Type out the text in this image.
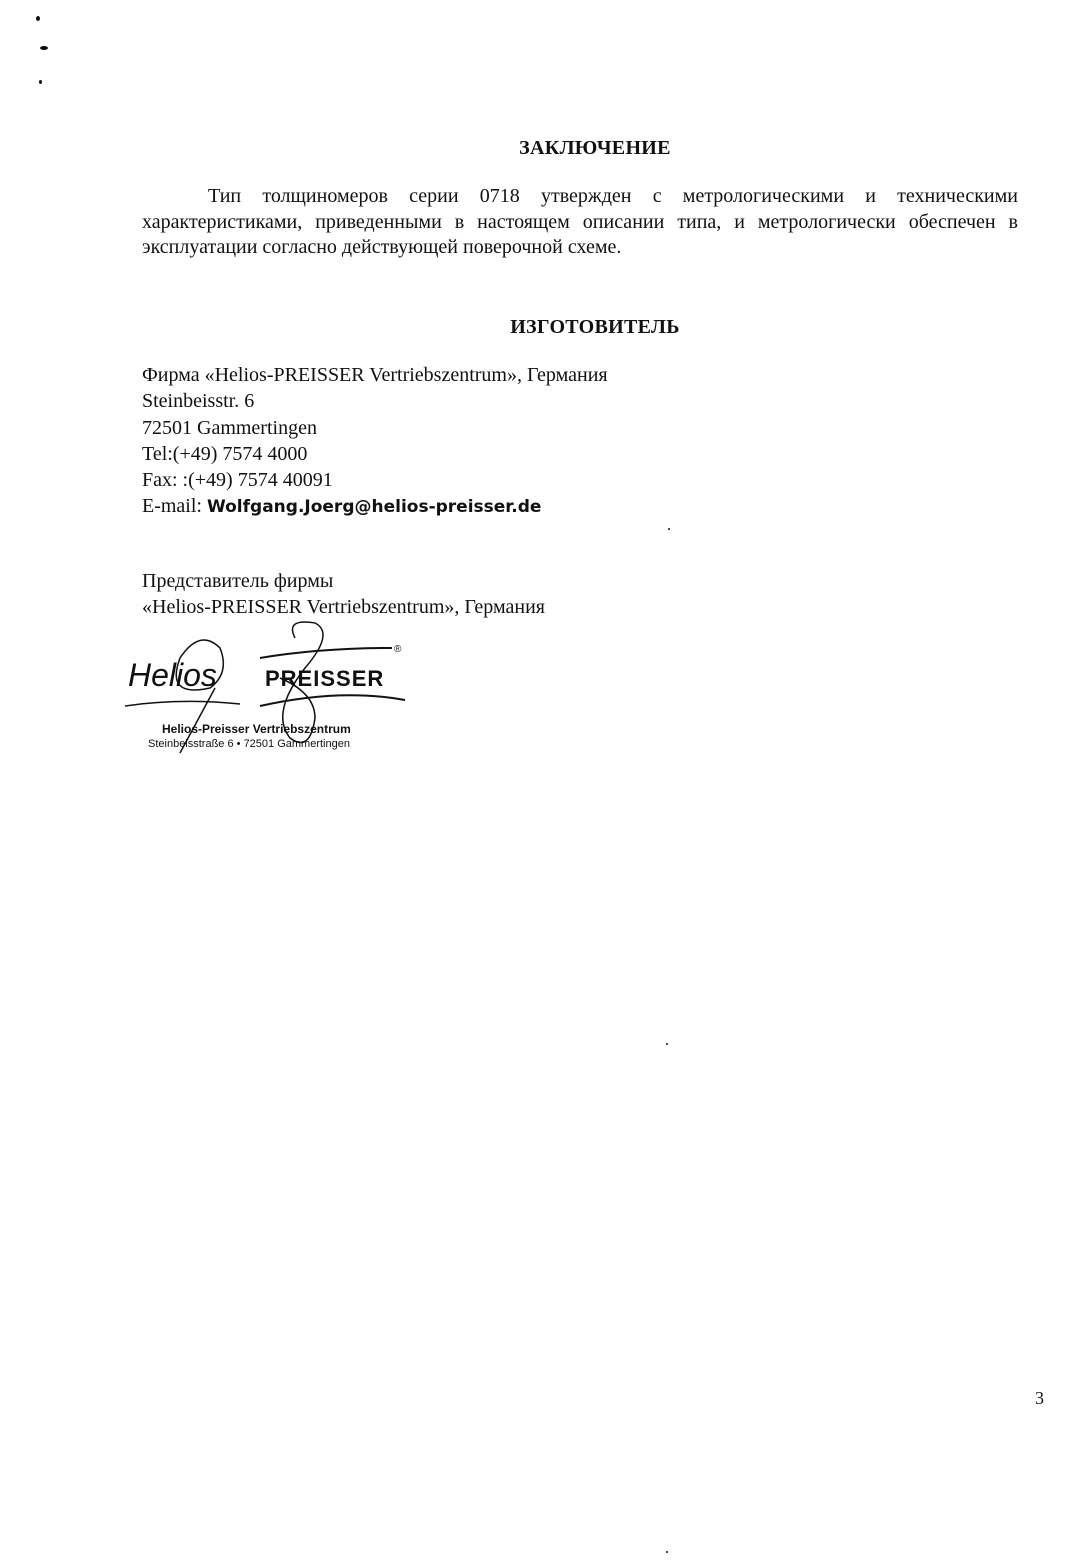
ЗАКЛЮЧЕНИЕ
Тип толщиномеров серии 0718 утвержден с метрологическими и техническими характеристиками, приведенными в настоящем описании типа, и метрологически обеспечен в эксплуатации согласно действующей поверочной схеме.
ИЗГОТОВИТЕЛЬ
Фирма «Helios-PREISSER Vertriebszentrum», Германия
Steinbeisstr. 6
72501 Gammertingen
Tel:(+49) 7574 4000
Fax: :(+49) 7574 40091
E-mail: Wolfgang.Joerg@helios-preisser.de
Представитель фирмы
«Helios-PREISSER Vertriebszentrum», Германия
Helios PREISSER
®
Helios-Preisser Vertriebszentrum
Steinbeisstraße 6 • 72501 Gammertingen
3
